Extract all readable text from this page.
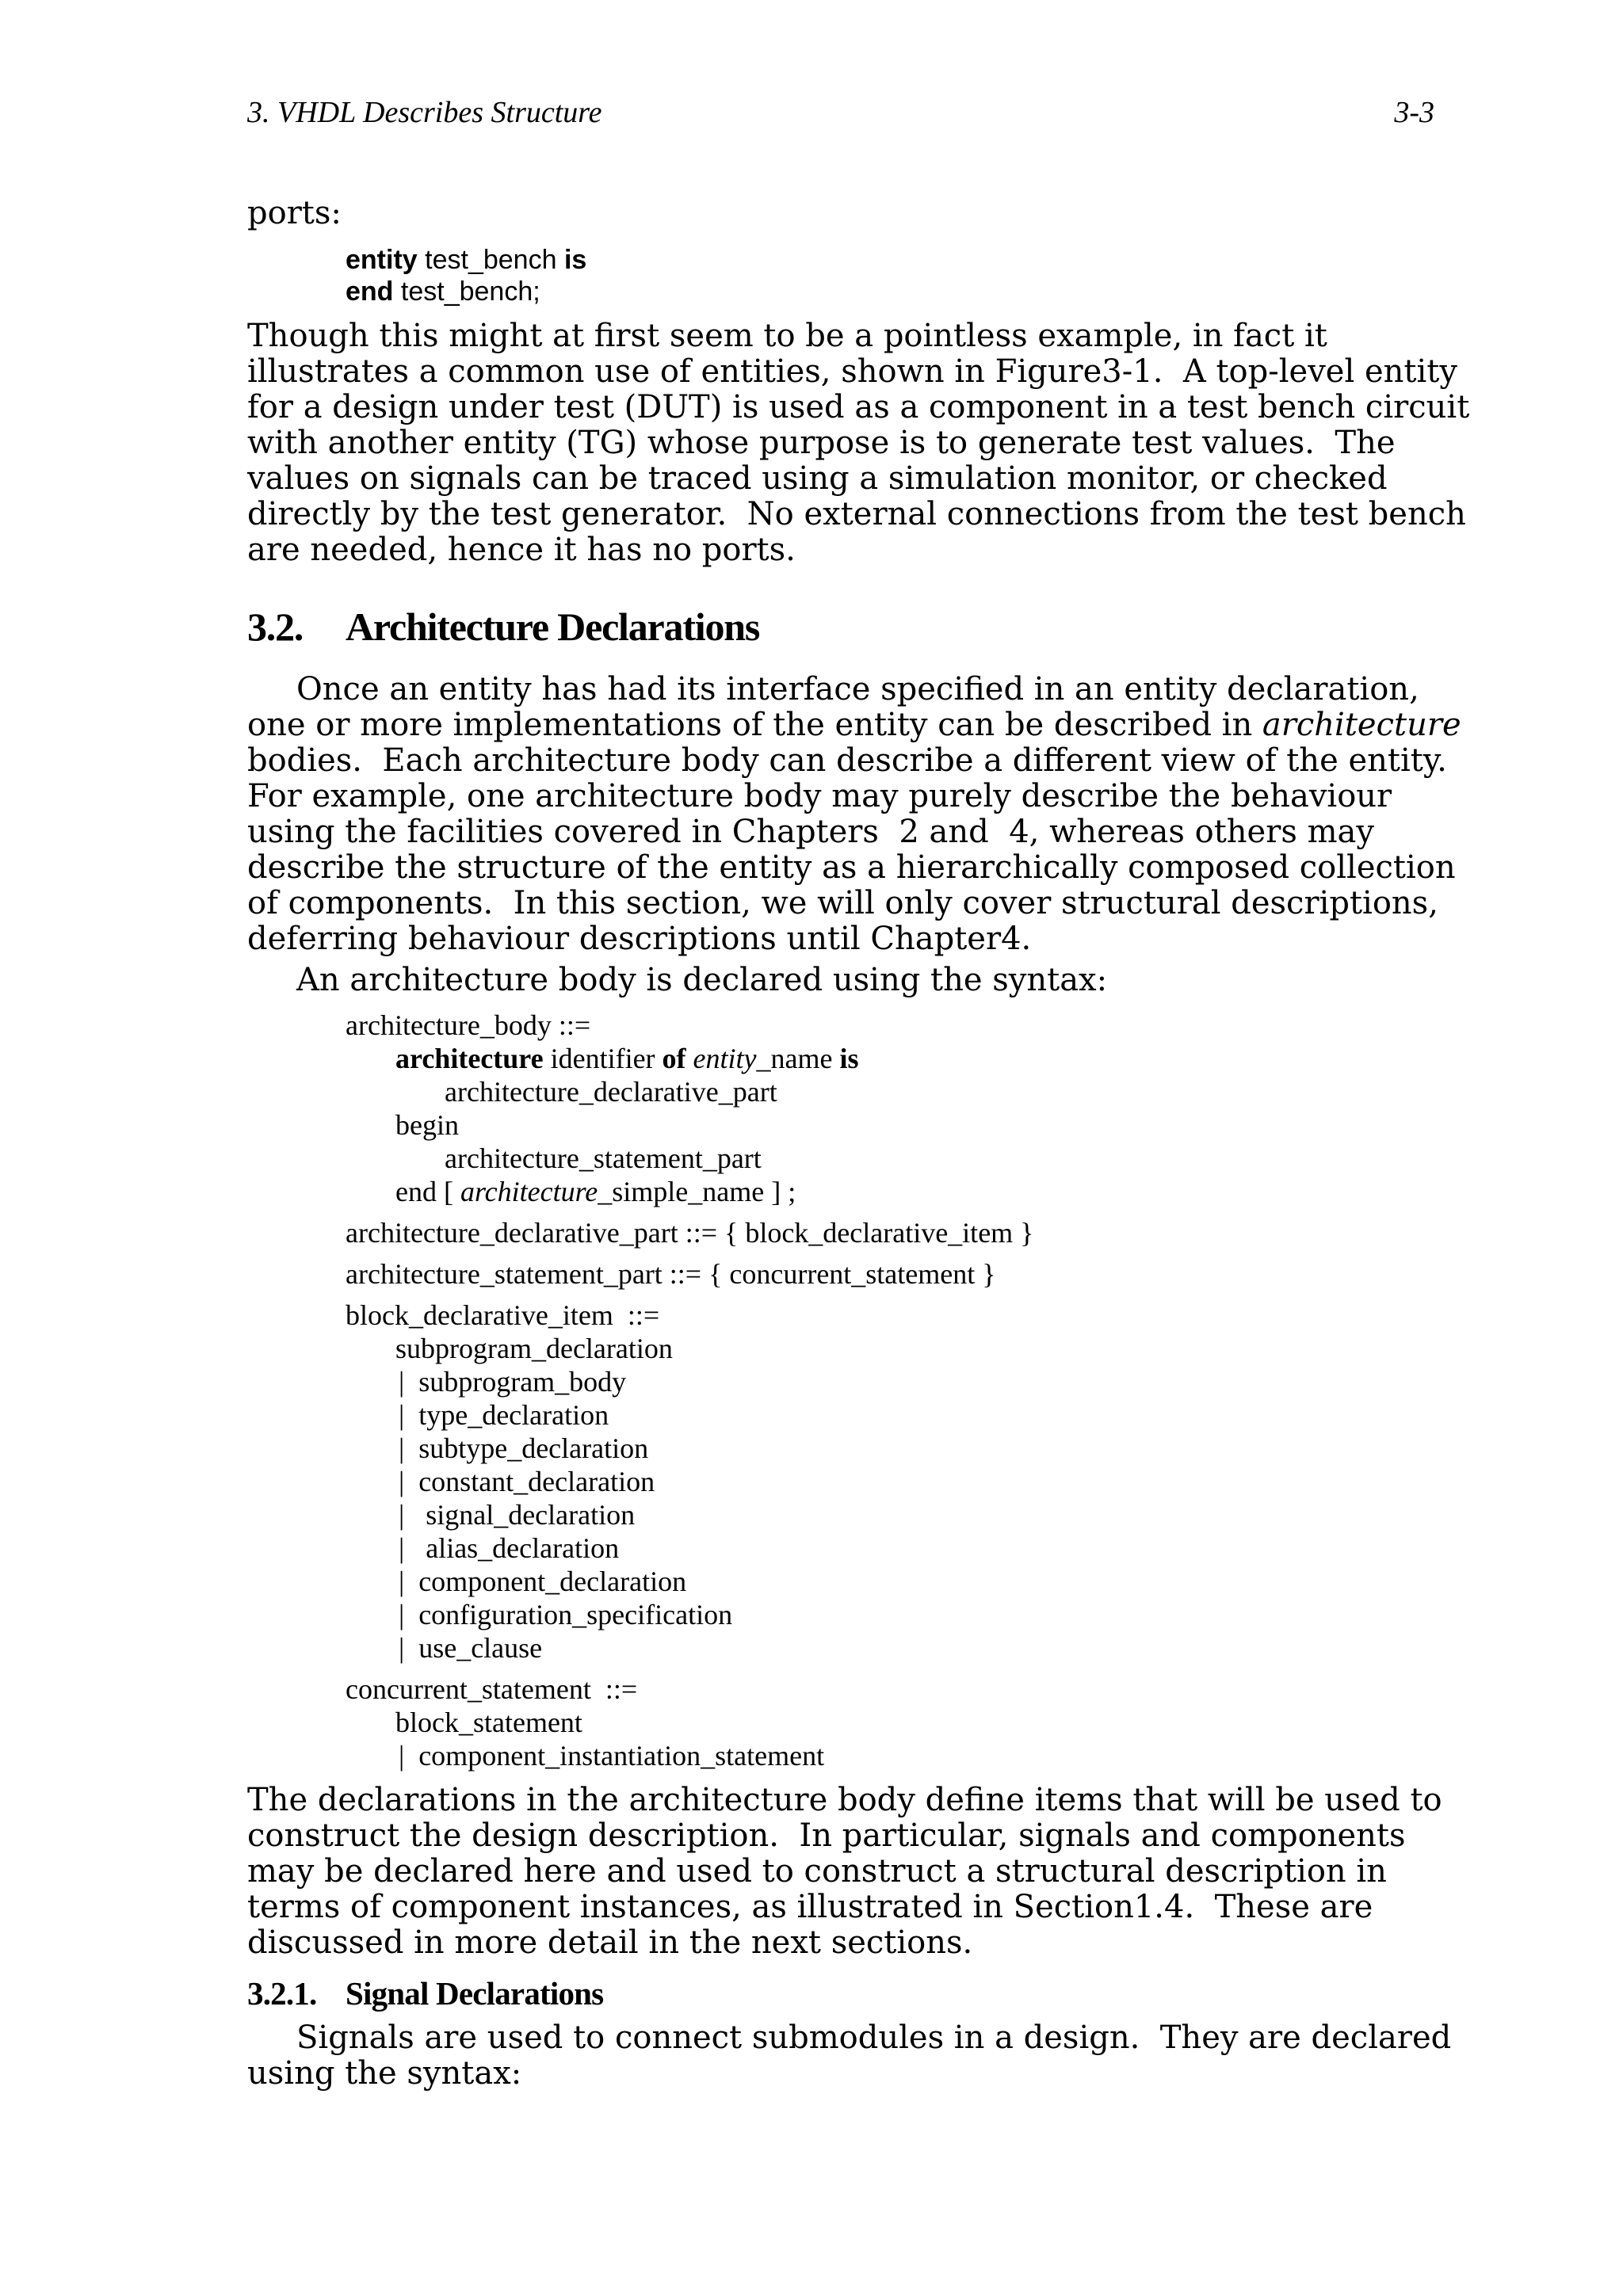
3. VHDL Describes Structure	3-3
ports:
entity test_bench is
end test_bench;
Though this might at first seem to be a pointless example, in fact it
illustrates a common use of entities, shown in Figure3-1.  A top-level entity
for a design under test (DUT) is used as a component in a test bench circuit
with another entity (TG) whose purpose is to generate test values.  The
values on signals can be traced using a simulation monitor, or checked
directly by the test generator.  No external connections from the test bench
are needed, hence it has no ports.
3.2. Architecture Declarations
Once an entity has had its interface specified in an entity declaration,
one or more implementations of the entity can be described in architecture
bodies.  Each architecture body can describe a different view of the entity.
For example, one architecture body may purely describe the behaviour
using the facilities covered in Chapters  2 and  4, whereas others may
describe the structure of the entity as a hierarchically composed collection
of components.  In this section, we will only cover structural descriptions,
deferring behaviour descriptions until Chapter4.
An architecture body is declared using the syntax:
architecture_body ::=
architecture identifier of entity_name is
architecture_declarative_part
begin
architecture_statement_part
end [ architecture_simple_name ] ;
architecture_declarative_part ::= { block_declarative_item }
architecture_statement_part ::= { concurrent_statement }
block_declarative_item  ::=
subprogram_declaration
|  subprogram_body
|  type_declaration
|  subtype_declaration
|  constant_declaration
|   signal_declaration
|   alias_declaration
|  component_declaration
|  configuration_specification
|  use_clause
concurrent_statement  ::=
block_statement
|  component_instantiation_statement
The declarations in the architecture body define items that will be used to
construct the design description.  In particular, signals and components
may be declared here and used to construct a structural description in
terms of component instances, as illustrated in Section1.4.  These are
discussed in more detail in the next sections.
3.2.1. Signal Declarations
Signals are used to connect submodules in a design.  They are declared
using the syntax:
